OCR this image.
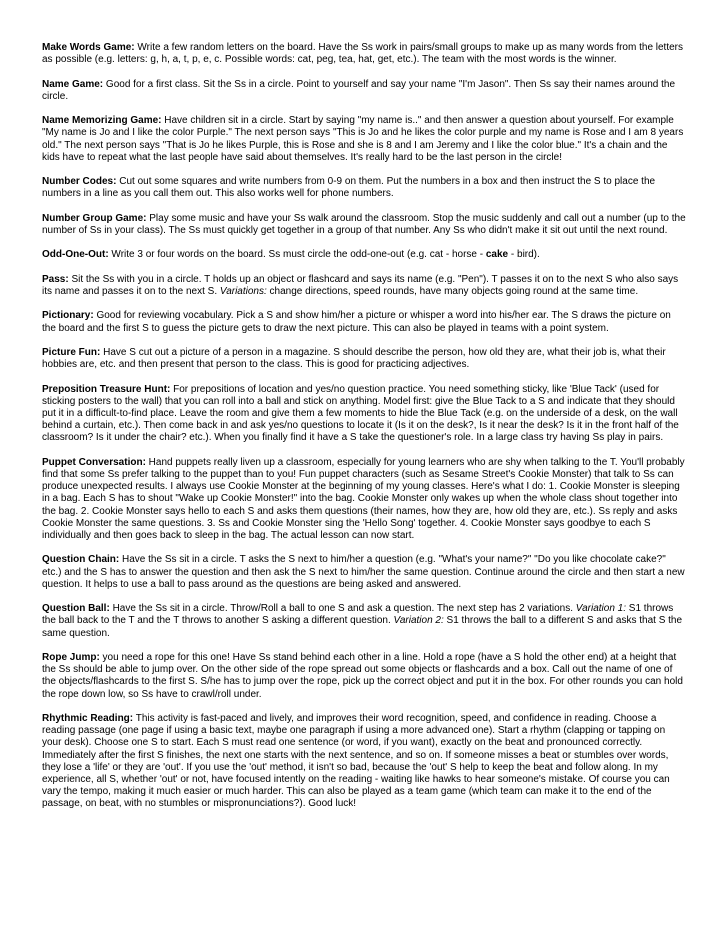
Make Words Game: Write a few random letters on the board. Have the Ss work in pairs/small groups to make up as many words from the letters as possible (e.g. letters: g, h, a, t, p, e, c. Possible words: cat, peg, tea, hat, get, etc.). The team with the most words is the winner.

Name Game: Good for a first class. Sit the Ss in a circle. Point to yourself and say your name "I'm Jason". Then Ss say their names around the circle.

Name Memorizing Game: Have children sit in a circle. Start by saying "my name is.." and then answer a question about yourself. For example "My name is Jo and I like the color Purple." The next person says "This is Jo and he likes the color purple and my name is Rose and I am 8 years old." The next person says "That is Jo he likes Purple, this is Rose and she is 8 and I am Jeremy and I like the color blue." It's a chain and the kids have to repeat what the last people have said about themselves. It's really hard to be the last person in the circle!

Number Codes: Cut out some squares and write numbers from 0-9 on them. Put the numbers in a box and then instruct the S to place the numbers in a line as you call them out. This also works well for phone numbers.

Number Group Game: Play some music and have your Ss walk around the classroom. Stop the music suddenly and call out a number (up to the number of Ss in your class). The Ss must quickly get together in a group of that number. Any Ss who didn't make it sit out until the next round.

Odd-One-Out: Write 3 or four words on the board. Ss must circle the odd-one-out (e.g. cat - horse - cake - bird).

Pass: Sit the Ss with you in a circle. T holds up an object or flashcard and says its name (e.g. "Pen"). T passes it on to the next S who also says its name and passes it on to the next S. Variations: change directions, speed rounds, have many objects going round at the same time.

Pictionary: Good for reviewing vocabulary. Pick a S and show him/her a picture or whisper a word into his/her ear. The S draws the picture on the board and the first S to guess the picture gets to draw the next picture. This can also be played in teams with a point system.

Picture Fun: Have S cut out a picture of a person in a magazine. S should describe the person, how old they are, what their job is, what their hobbies are, etc. and then present that person to the class. This is good for practicing adjectives.

Preposition Treasure Hunt: For prepositions of location and yes/no question practice. You need something sticky, like 'Blue Tack' (used for sticking posters to the wall) that you can roll into a ball and stick on anything. Model first: give the Blue Tack to a S and indicate that they should put it in a difficult-to-find place. Leave the room and give them a few moments to hide the Blue Tack (e.g. on the underside of a desk, on the wall behind a curtain, etc.). Then come back in and ask yes/no questions to locate it (Is it on the desk?, Is it near the desk? Is it in the front half of the classroom? Is it under the chair? etc.). When you finally find it have a S take the questioner's role. In a large class try having Ss play in pairs.

Puppet Conversation: Hand puppets really liven up a classroom, especially for young learners who are shy when talking to the T. You'll probably find that some Ss prefer talking to the puppet than to you! Fun puppet characters (such as Sesame Street's Cookie Monster) that talk to Ss can produce unexpected results. I always use Cookie Monster at the beginning of my young classes. Here's what I do: 1. Cookie Monster is sleeping in a bag. Each S has to shout "Wake up Cookie Monster!" into the bag. Cookie Monster only wakes up when the whole class shout together into the bag. 2. Cookie Monster says hello to each S and asks them questions (their names, how they are, how old they are, etc.). Ss reply and asks Cookie Monster the same questions. 3. Ss and Cookie Monster sing the 'Hello Song' together. 4. Cookie Monster says goodbye to each S individually and then goes back to sleep in the bag. The actual lesson can now start.

Question Chain: Have the Ss sit in a circle. T asks the S next to him/her a question (e.g. "What's your name?" "Do you like chocolate cake?" etc.) and the S has to answer the question and then ask the S next to him/her the same question. Continue around the circle and then start a new question. It helps to use a ball to pass around as the questions are being asked and answered.

Question Ball: Have the Ss sit in a circle. Throw/Roll a ball to one S and ask a question. The next step has 2 variations. Variation 1: S1 throws the ball back to the T and the T throws to another S asking a different question. Variation 2: S1 throws the ball to a different S and asks that S the same question.

Rope Jump: you need a rope for this one! Have Ss stand behind each other in a line. Hold a rope (have a S hold the other end) at a height that the Ss should be able to jump over. On the other side of the rope spread out some objects or flashcards and a box. Call out the name of one of the objects/flashcards to the first S. S/he has to jump over the rope, pick up the correct object and put it in the box. For other rounds you can hold the rope down low, so Ss have to crawl/roll under.

Rhythmic Reading: This activity is fast-paced and lively, and improves their word recognition, speed, and confidence in reading. Choose a reading passage (one page if using a basic text, maybe one paragraph if using a more advanced one). Start a rhythm (clapping or tapping on your desk). Choose one S to start. Each S must read one sentence (or word, if you want), exactly on the beat and pronounced correctly. Immediately after the first S finishes, the next one starts with the next sentence, and so on. If someone misses a beat or stumbles over words, they lose a 'life' or they are 'out'. If you use the 'out' method, it isn't so bad, because the 'out' S help to keep the beat and follow along. In my experience, all S, whether 'out' or not, have focused intently on the reading - waiting like hawks to hear someone's mistake. Of course you can vary the tempo, making it much easier or much harder. This can also be played as a team game (which team can make it to the end of the passage, on beat, with no stumbles or mispronunciations?). Good luck!
